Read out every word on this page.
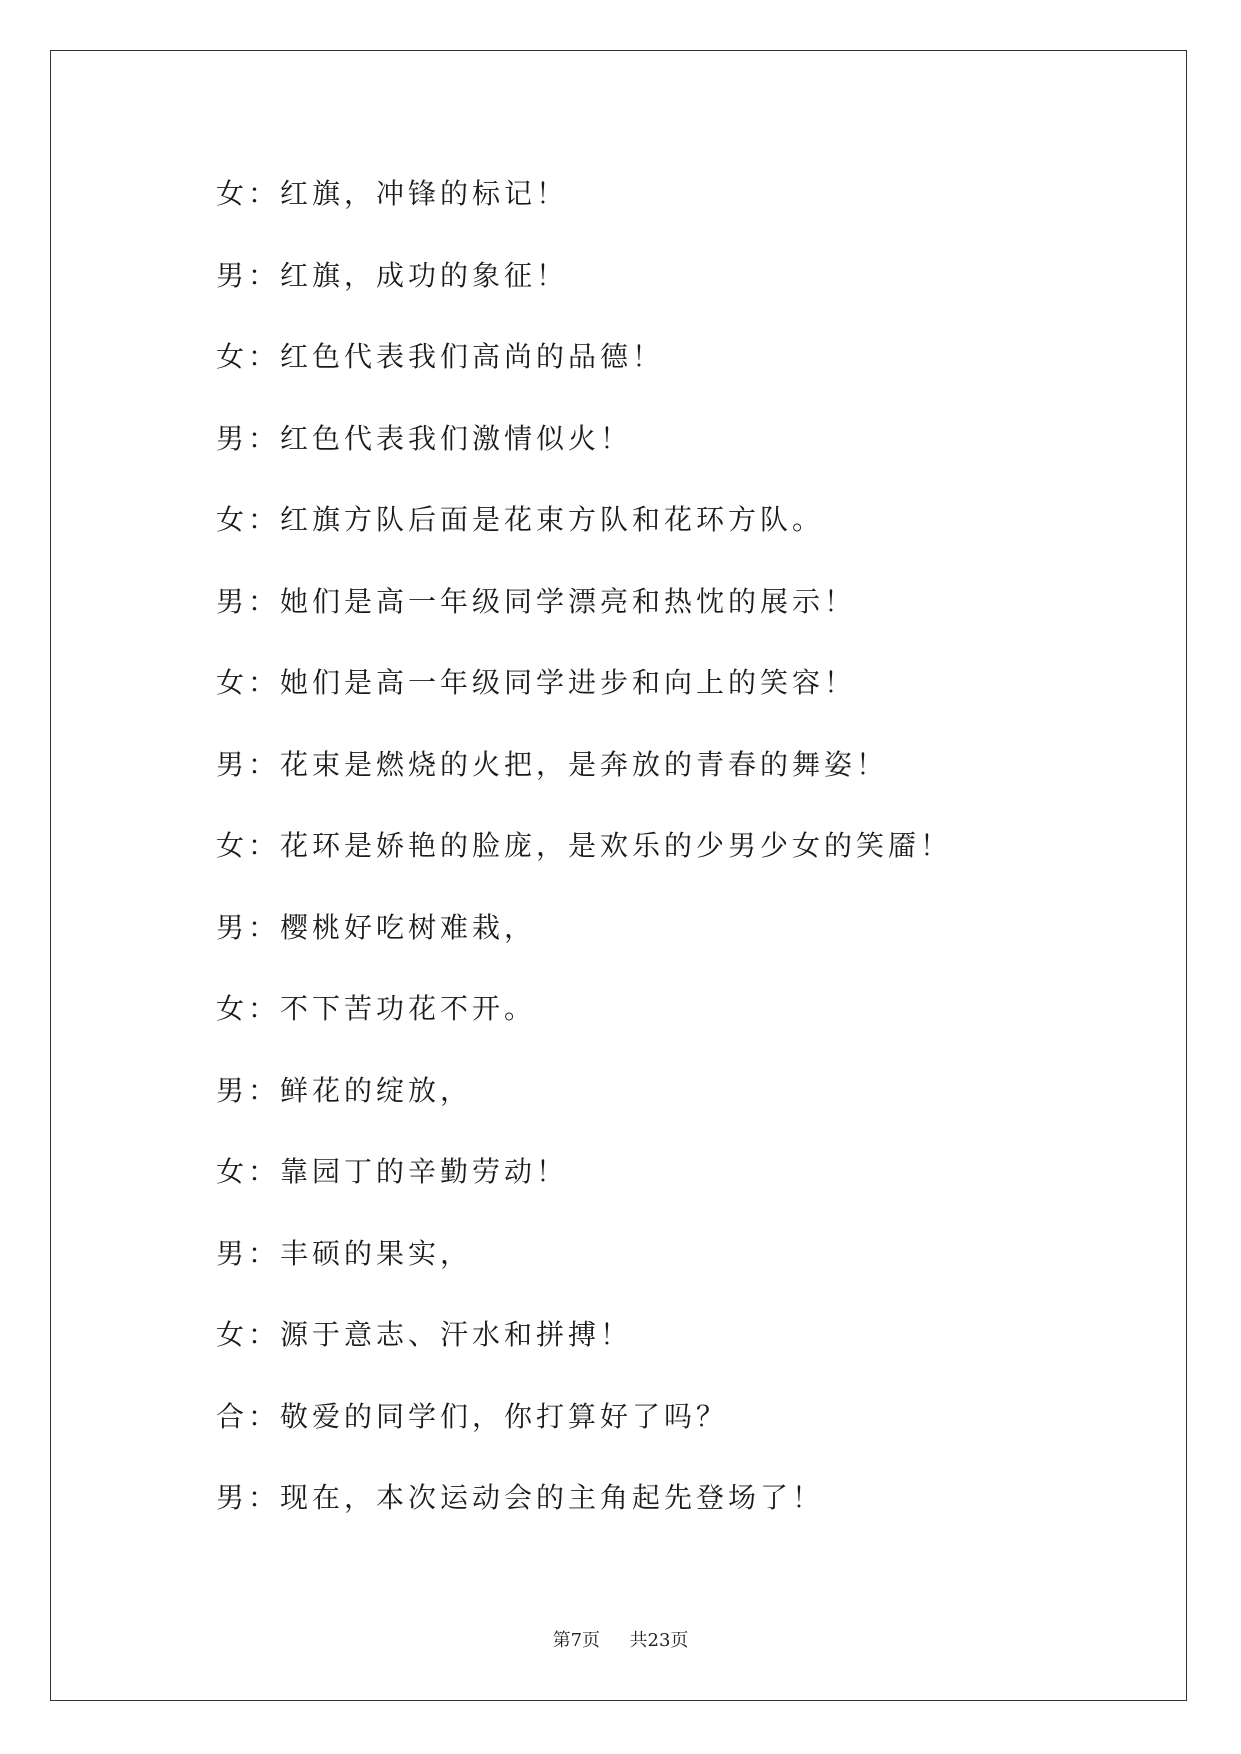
女：红旗，冲锋的标记！
男：红旗，成功的象征！
女：红色代表我们高尚的品德！
男：红色代表我们激情似火！
女：红旗方队后面是花束方队和花环方队。
男：她们是高一年级同学漂亮和热忱的展示！
女：她们是高一年级同学进步和向上的笑容！
男：花束是燃烧的火把，是奔放的青春的舞姿！
女：花环是娇艳的脸庞，是欢乐的少男少女的笑靥！
男：樱桃好吃树难栽，
女：不下苦功花不开。
男：鲜花的绽放，
女：靠园丁的辛勤劳动！
男：丰硕的果实，
女：源于意志、汗水和拼搏！
合：敬爱的同学们，你打算好了吗？
男：现在，本次运动会的主角起先登场了！
第7页 共23页
